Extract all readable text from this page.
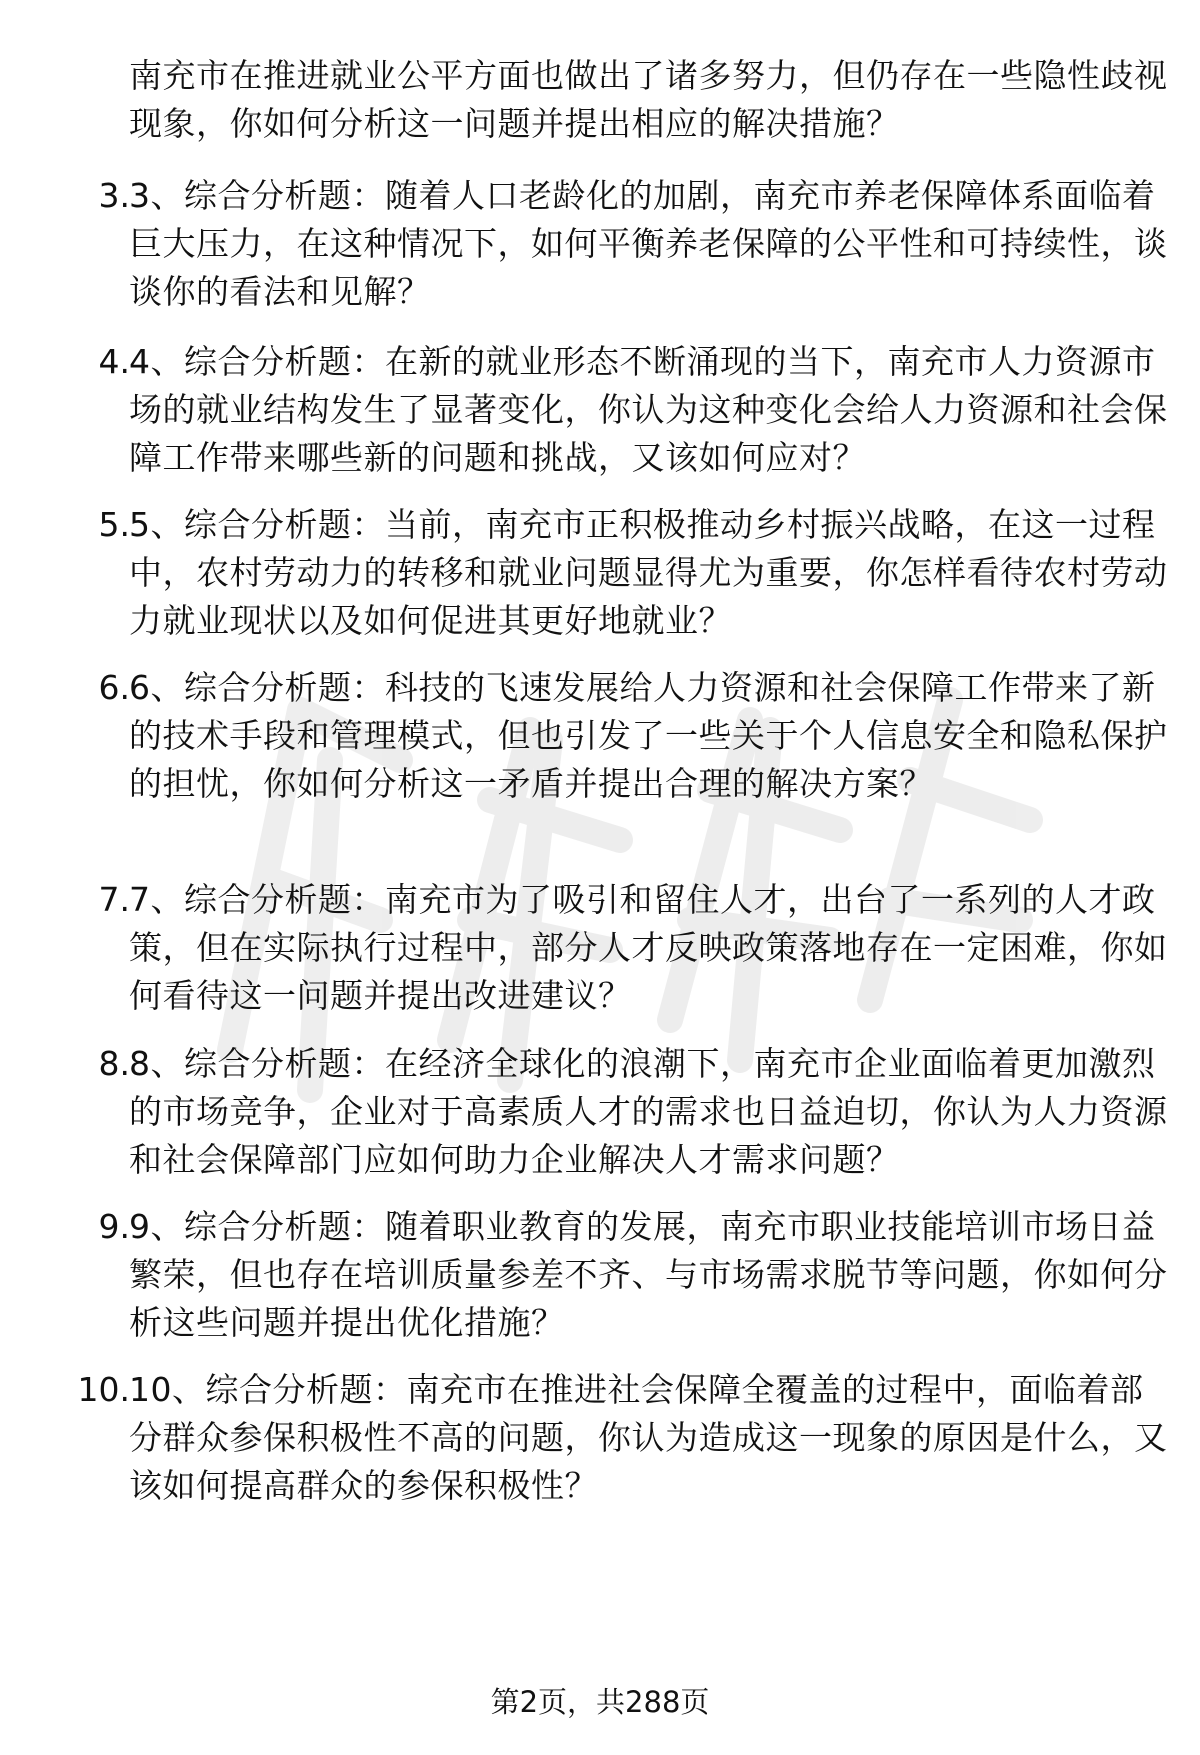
南充市在推进就业公平方面也做出了诸多努力，但仍存在一些隐性歧视现象，你如何分析这一问题并提出相应的解决措施？
3. 3、综合分析题：随着人口老龄化的加剧，南充市养老保障体系面临着巨大压力，在这种情况下，如何平衡养老保障的公平性和可持续性，谈谈你的看法和见解？
4. 4、综合分析题：在新的就业形态不断涌现的当下，南充市人力资源市场的就业结构发生了显著变化，你认为这种变化会给人力资源和社会保障工作带来哪些新的问题和挑战，又该如何应对？
5. 5、综合分析题：当前，南充市正积极推动乡村振兴战略，在这一过程中，农村劳动力的转移和就业问题显得尤为重要，你怎样看待农村劳动力就业现状以及如何促进其更好地就业？
6. 6、综合分析题：科技的飞速发展给人力资源和社会保障工作带来了新的技术手段和管理模式，但也引发了一些关于个人信息安全和隐私保护的担忧，你如何分析这一矛盾并提出合理的解决方案？
7. 7、综合分析题：南充市为了吸引和留住人才，出台了一系列的人才政策，但在实际执行过程中，部分人才反映政策落地存在一定困难，你如何看待这一问题并提出改进建议？
8. 8、综合分析题：在经济全球化的浪潮下，南充市企业面临着更加激烈的市场竞争，企业对于高素质人才的需求也日益迫切，你认为人力资源和社会保障部门应如何助力企业解决人才需求问题？
9. 9、综合分析题：随着职业教育的发展，南充市职业技能培训市场日益繁荣，但也存在培训质量参差不齐、与市场需求脱节等问题，你如何分析这些问题并提出优化措施？
10. 10、综合分析题：南充市在推进社会保障全覆盖的过程中，面临着部分群众参保积极性不高的问题，你认为造成这一现象的原因是什么，又该如何提高群众的参保积极性？
第2页，共288页
